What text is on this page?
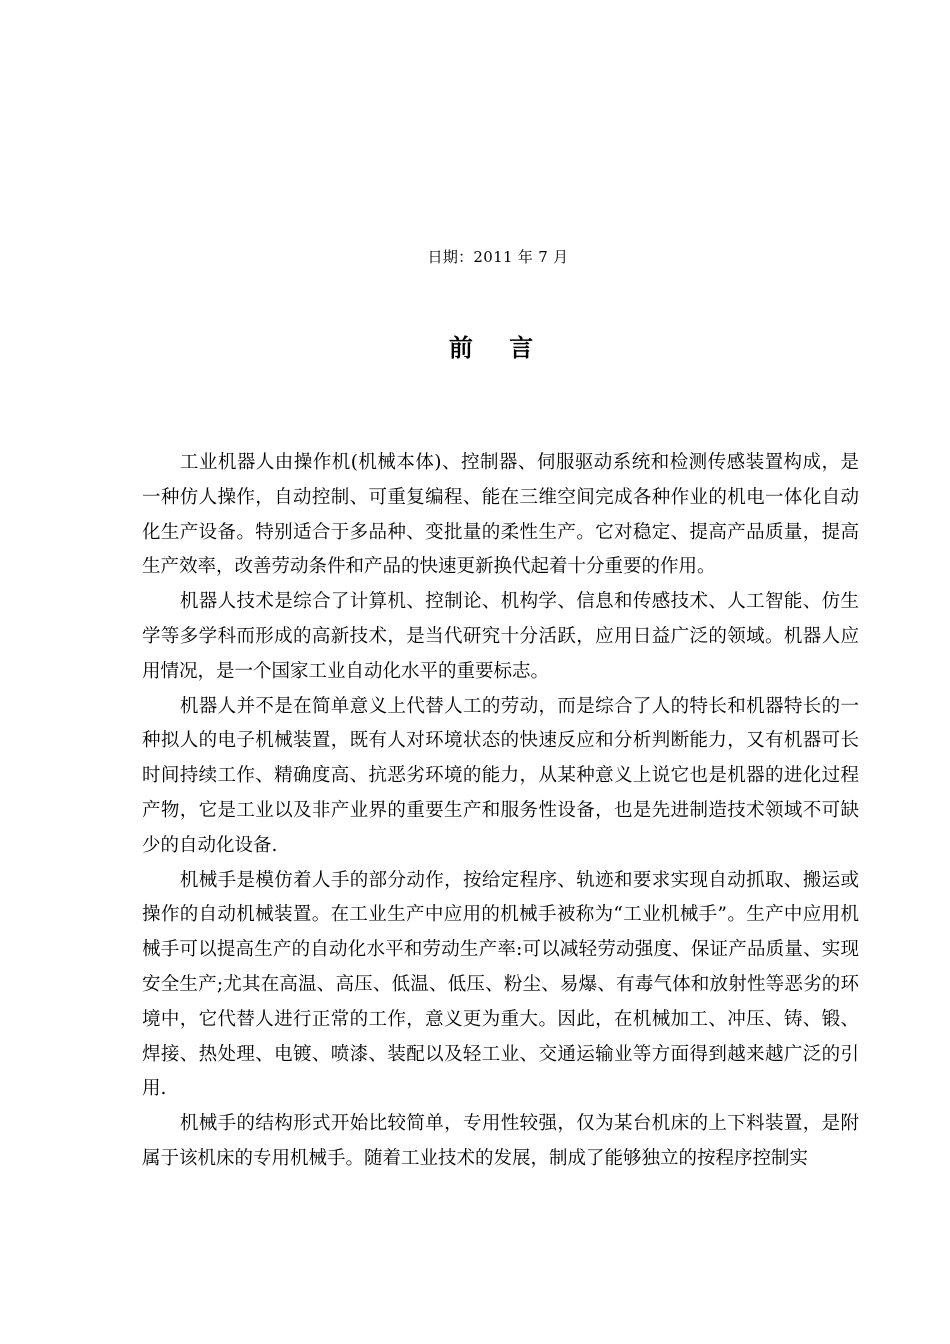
日期：2011 年 7 月
前 言

工业机器人由操作机(机械本体)、控制器、伺服驱动系统和检测传感装置构成，是一种仿人操作，自动控制、可重复编程、能在三维空间完成各种作业的机电一体化自动化生产设备。特别适合于多品种、变批量的柔性生产。它对稳定、提高产品质量，提高生产效率，改善劳动条件和产品的快速更新换代起着十分重要的作用。

机器人技术是综合了计算机、控制论、机构学、信息和传感技术、人工智能、仿生学等多学科而形成的高新技术，是当代研究十分活跃，应用日益广泛的领域。机器人应用情况，是一个国家工业自动化水平的重要标志。

机器人并不是在简单意义上代替人工的劳动，而是综合了人的特长和机器特长的一种拟人的电子机械装置，既有人对环境状态的快速反应和分析判断能力，又有机器可长时间持续工作、精确度高、抗恶劣环境的能力，从某种意义上说它也是机器的进化过程产物，它是工业以及非产业界的重要生产和服务性设备，也是先进制造技术领域不可缺少的自动化设备.

机械手是模仿着人手的部分动作，按给定程序、轨迹和要求实现自动抓取、搬运或操作的自动机械装置。在工业生产中应用的机械手被称为“工业机械手”。生产中应用机械手可以提高生产的自动化水平和劳动生产率:可以减轻劳动强度、保证产品质量、实现安全生产;尤其在高温、高压、低温、低压、粉尘、易爆、有毒气体和放射性等恶劣的环境中，它代替人进行正常的工作，意义更为重大。因此，在机械加工、冲压、铸、锻、焊接、热处理、电镀、喷漆、装配以及轻工业、交通运输业等方面得到越来越广泛的引用.

机械手的结构形式开始比较简单，专用性较强，仅为某台机床的上下料装置，是附属于该机床的专用机械手。随着工业技术的发展，制成了能够独立的按程序控制实
